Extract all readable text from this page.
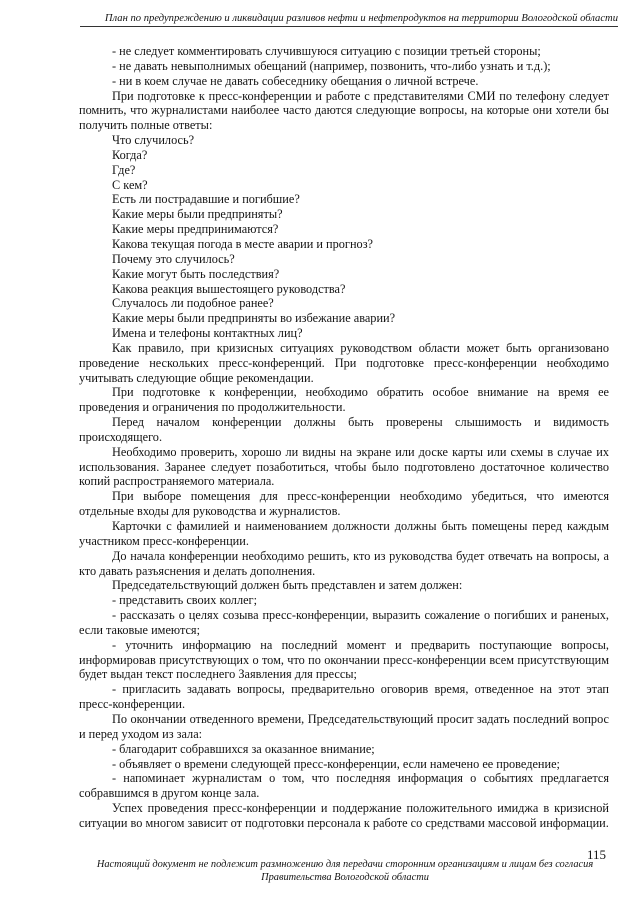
План по предупреждению и ликвидации разливов нефти и нефтепродуктов на территории Вологодской области

- не следует комментировать случившуюся ситуацию с позиции третьей стороны;

- не давать невыполнимых обещаний (например, позвонить, что-либо узнать и т.д.);

- ни в коем случае не давать собеседнику обещания о личной встрече.

При подготовке к пресс-конференции и работе с представителями СМИ по телефону следует помнить, что журналистами наиболее часто даются следующие вопросы, на которые они хотели бы получить полные ответы:

Что случилось?

Когда?

Где?

С кем?

Есть ли пострадавшие и погибшие?

Какие меры были предприняты?

Какие меры предпринимаются?

Какова текущая погода в месте аварии и прогноз?

Почему это случилось?

Какие могут быть последствия?

Какова реакция вышестоящего руководства?

Случалось ли подобное ранее?

Какие меры были предприняты во избежание аварии?

Имена и телефоны контактных лиц?

Как правило, при кризисных ситуациях руководством области может быть организовано проведение нескольких пресс-конференций. При подготовке пресс-конференции необходимо учитывать следующие общие рекомендации.

При подготовке к конференции, необходимо обратить особое внимание на время ее проведения и ограничения по продолжительности.

Перед началом конференции должны быть проверены слышимость и видимость происходящего.

Необходимо проверить, хорошо ли видны на экране или доске карты или схемы в случае их использования. Заранее следует позаботиться, чтобы было подготовлено достаточное количество копий распространяемого материала.

При выборе помещения для пресс-конференции необходимо убедиться, что имеются отдельные входы для руководства и журналистов.

Карточки с фамилией и наименованием должности должны быть помещены перед каждым участником пресс-конференции.

До начала конференции необходимо решить, кто из руководства будет отвечать на вопросы, а кто давать разъяснения и делать дополнения.

Председательствующий должен быть представлен и затем должен:

- представить своих коллег;

- рассказать о целях созыва пресс-конференции, выразить сожаление о погибших и раненых, если таковые имеются;

- уточнить информацию на последний момент и предварить поступающие вопросы, информировав присутствующих о том, что по окончании пресс-конференции всем присутствующим будет выдан текст последнего Заявления для прессы;

- пригласить задавать вопросы, предварительно оговорив время, отведенное на этот этап пресс-конференции.

По окончании отведенного времени, Председательствующий просит задать последний вопрос и перед уходом из зала:

- благодарит собравшихся за оказанное внимание;

- объявляет о времени следующей пресс-конференции, если намечено ее проведение;

- напоминает журналистам о том, что последняя информация о событиях предлагается собравшимся в другом конце зала.

Успех проведения пресс-конференции и поддержание положительного имиджа в кризисной ситуации во многом зависит от подготовки персонала к работе со средствами массовой информации.

115
Настоящий документ не подлежит размножению для передачи сторонним организациям и лицам без согласия Правительства Вологодской области
